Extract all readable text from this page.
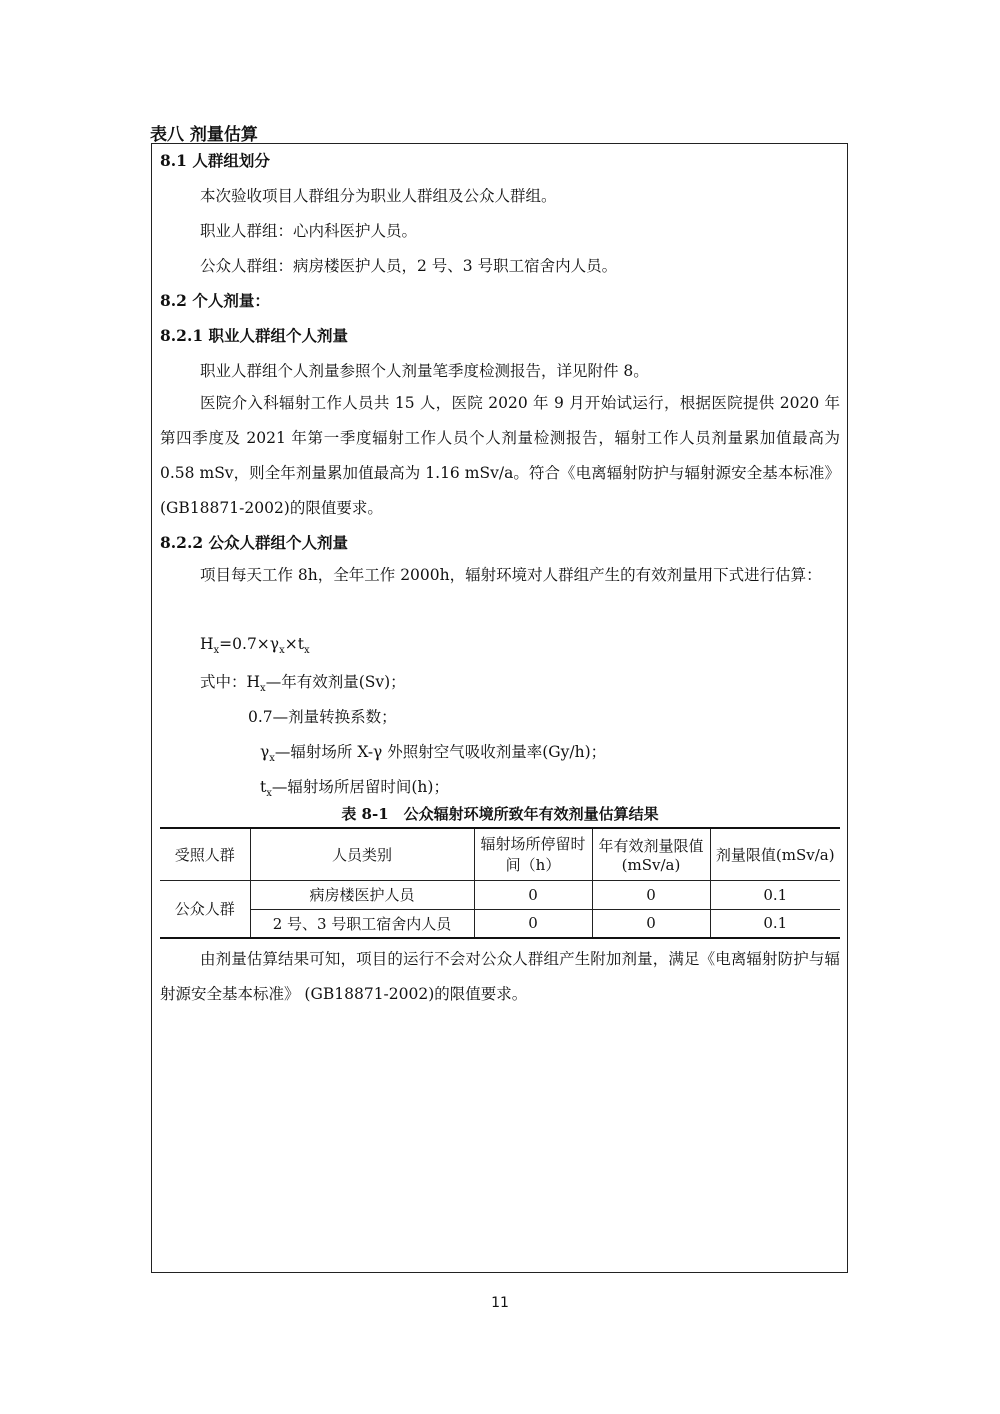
表八 剂量估算
8.1 人群组划分
本次验收项目人群组分为职业人群组及公众人群组。
职业人群组：心内科医护人员。
公众人群组：病房楼医护人员，2 号、3 号职工宿舍内人员。
8.2 个人剂量：
8.2.1 职业人群组个人剂量
职业人群组个人剂量参照个人剂量笔季度检测报告，详见附件 8。
医院介入科辐射工作人员共 15 人，医院 2020 年 9 月开始试运行，根据医院提供 2020 年第四季度及 2021 年第一季度辐射工作人员个人剂量检测报告，辐射工作人员剂量累加值最高为 0.58 mSv，则全年剂量累加值最高为 1.16 mSv/a。符合《电离辐射防护与辐射源安全基本标准》 (GB18871-2002)的限值要求。
8.2.2 公众人群组个人剂量
项目每天工作 8h，全年工作 2000h，辐射环境对人群组产生的有效剂量用下式进行估算：
$H_x=0.7\times\gamma_x\times t_x$
式中：$H_x—$年有效剂量(Sv)；
0.7—剂量转换系数；
$\gamma_x—$辐射场所 X-γ 外照射空气吸收剂量率(Gy/h)；
$t_x—$辐射场所居留时间(h)；
表 8-1　公众辐射环境所致年有效剂量估算结果
受照人群	人员类别	辐射场所停留时间（h）	年有效剂量限值(mSv/a)	剂量限值(mSv/a)
公众人群	病房楼医护人员	0	0	0.1
	2 号、3 号职工宿舍内人员	0	0	0.1
由剂量估算结果可知，项目的运行不会对公众人群组产生附加剂量，满足《电离辐射防护与辐射源安全基本标准》 (GB18871-2002)的限值要求。
11
